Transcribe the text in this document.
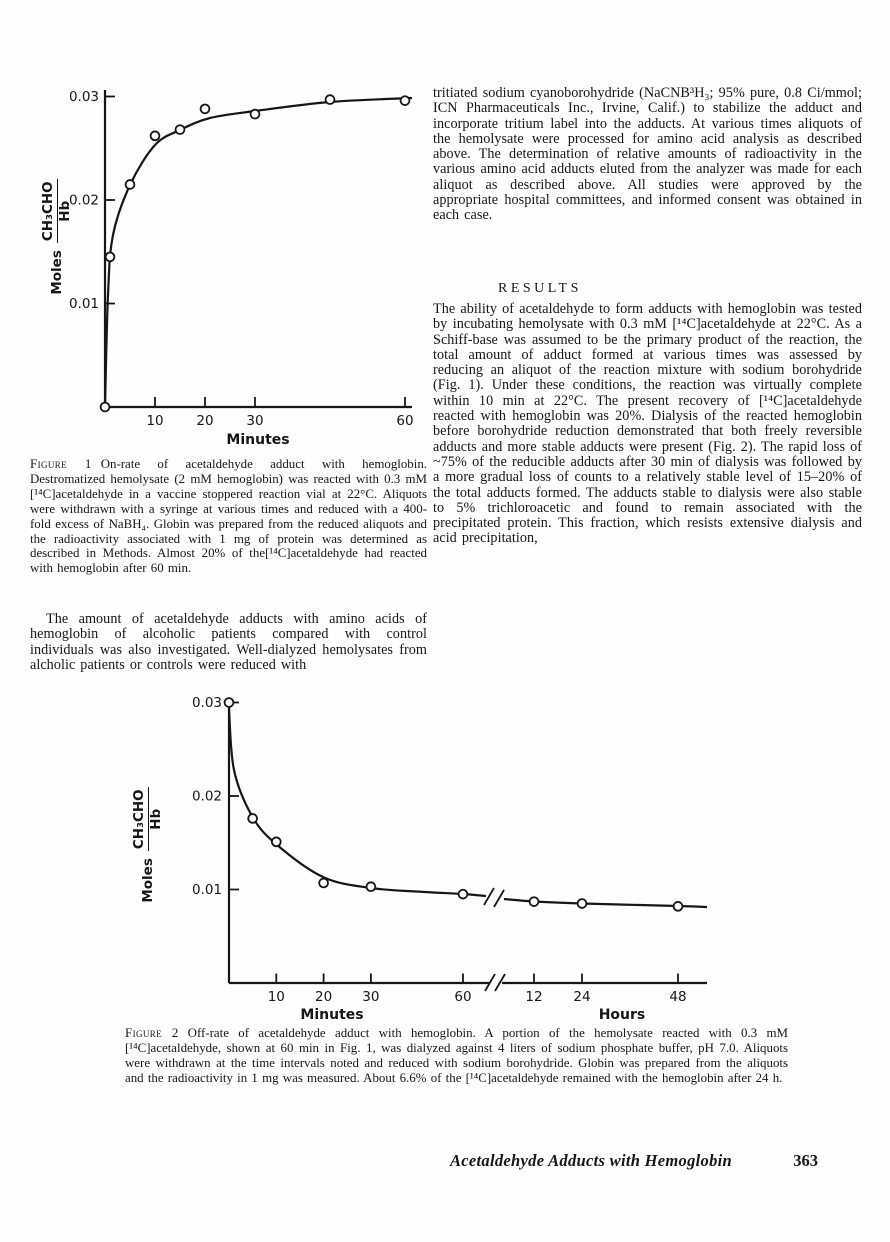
0.01
0.02
0.03
10 20 30	60
Minutes
Moles
CH₃CHO Hb
tritiated sodium cyanoborohydride (NaCNB³H₃; 95% pure, 0.8 Ci/mmol; ICN Pharmaceuticals Inc., Irvine, Calif.) to stabilize the adduct and incorporate tritium label into the adducts. At various times aliquots of the hemolysate were processed for amino acid analysis as described above. The determination of relative amounts of radioactivity in the various amino acid adducts eluted from the analyzer was made for each aliquot as described above. All studies were approved by the appropriate hospital committees, and informed consent was obtained in each case.
RESULTS
The ability of acetaldehyde to form adducts with hemoglobin was tested by incubating hemolysate with 0.3 mM [¹⁴C]acetaldehyde at 22°C. As a Schiff-base was assumed to be the primary product of the reaction, the total amount of adduct formed at various times was assessed by reducing an aliquot of the reaction mixture with sodium borohydride (Fig. 1). Under these conditions, the reaction was virtually complete within 10 min at 22°C. The present recovery of [¹⁴C]acetaldehyde reacted with hemoglobin was 20%. Dialysis of the reacted hemoglobin before borohydride reduction demonstrated that both freely reversible adducts and more stable adducts were present (Fig. 2). The rapid loss of ~75% of the reducible adducts after 30 min of dialysis was followed by a more gradual loss of counts to a relatively stable level of 15–20% of the total adducts formed. The adducts stable to dialysis were also stable to 5% trichloroacetic and found to remain associated with the precipitated protein. This fraction, which resists extensive dialysis and acid precipitation,
Figure 1 On-rate of acetaldehyde adduct with hemoglobin. Destromatized hemolysate (2 mM hemoglobin) was reacted with 0.3 mM [¹⁴C]acetaldehyde in a vaccine stoppered reaction vial at 22°C. Aliquots were withdrawn with a syringe at various times and reduced with a 400-fold excess of NaBH₄. Globin was prepared from the reduced aliquots and the radioactivity associated with 1 mg of protein was determined as described in Methods. Almost 20% of the[¹⁴C]acetaldehyde had reacted with hemoglobin after 60 min.
The amount of acetaldehyde adducts with amino acids of hemoglobin of alcoholic patients compared with control individuals was also investigated. Well-dialyzed hemolysates from alcholic patients or controls were reduced with
0.01
0.02
0.03
10 20 30	60	12 24	48
Minutes	Hours
Moles
CH₃CHO Hb
Figure 2 Off-rate of acetaldehyde adduct with hemoglobin. A portion of the hemolysate reacted with 0.3 mM [¹⁴C]acetaldehyde, shown at 60 min in Fig. 1, was dialyzed against 4 liters of sodium phosphate buffer, pH 7.0. Aliquots were withdrawn at the time intervals noted and reduced with sodium borohydride. Globin was prepared from the aliquots and the radioactivity in 1 mg was measured. About 6.6% of the [¹⁴C]acetaldehyde remained with the hemoglobin after 24 h.
Acetaldehyde Adducts with Hemoglobin	363
